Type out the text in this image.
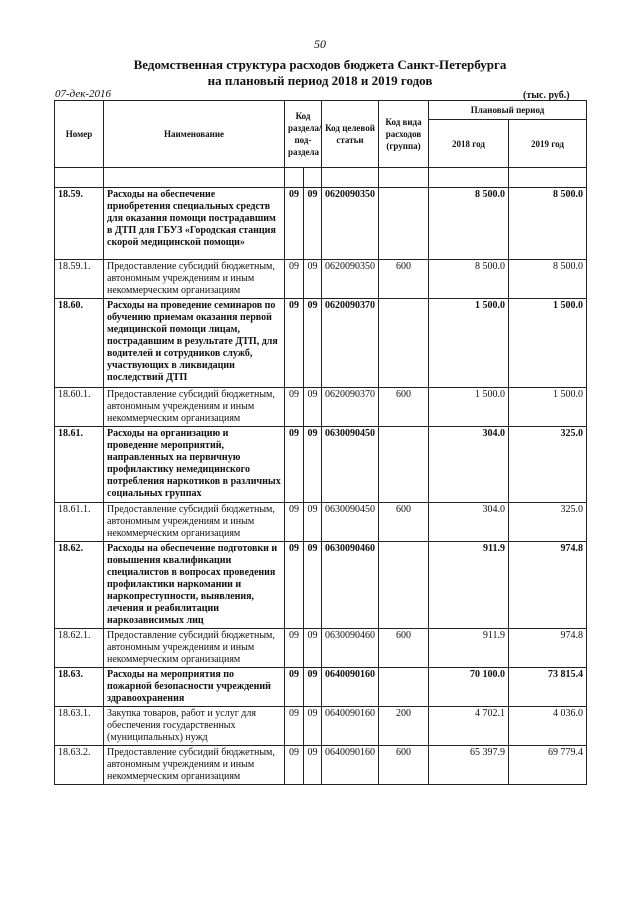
50
Ведомственная структура расходов бюджета Санкт-Петербурга
на плановый период 2018 и 2019 годов
07-дек-2016	(тыс. руб.)
Номер	Наименование	Код раздела/ под-раздела		Код целевой статьи	Код вида расходов (группа)	Плановый период	
						2018 год	2019 год

18.59.	Расходы на обеспечение приобретения специальных средств для оказания помощи пострадавшим в ДТП для ГБУЗ «Городская станция скорой медицинской помощи»	09	09	0620090350		8 500.0	8 500.0
18.59.1.	Предоставление субсидий бюджетным, автономным учреждениям и иным некоммерческим организациям	09	09	0620090350	600	8 500.0	8 500.0
18.60.	Расходы на проведение семинаров по обучению приемам оказания первой медицинской помощи лицам, пострадавшим в результате ДТП, для водителей и сотрудников служб, участвующих в ликвидации последствий ДТП	09	09	0620090370		1 500.0	1 500.0
18.60.1.	Предоставление субсидий бюджетным, автономным учреждениям и иным некоммерческим организациям	09	09	0620090370	600	1 500.0	1 500.0
18.61.	Расходы на организацию и проведение мероприятий, направленных на первичную профилактику немедицинского потребления наркотиков в различных социальных группах	09	09	0630090450		304.0	325.0
18.61.1.	Предоставление субсидий бюджетным, автономным учреждениям и иным некоммерческим организациям	09	09	0630090450	600	304.0	325.0
18.62.	Расходы на обеспечение подготовки и повышения квалификации специалистов в вопросах проведения профилактики наркомании и наркопреступности, выявления, лечения и реабилитации наркозависимых лиц	09	09	0630090460		911.9	974.8
18.62.1.	Предоставление субсидий бюджетным, автономным учреждениям и иным некоммерческим организациям	09	09	0630090460	600	911.9	974.8
18.63.	Расходы на мероприятия по пожарной безопасности учреждений здравоохранения	09	09	0640090160		70 100.0	73 815.4
18.63.1.	Закупка товаров, работ и услуг для обеспечения государственных (муниципальных) нужд	09	09	0640090160	200	4 702.1	4 036.0
18.63.2.	Предоставление субсидий бюджетным, автономным учреждениям и иным некоммерческим организациям	09	09	0640090160	600	65 397.9	69 779.4
